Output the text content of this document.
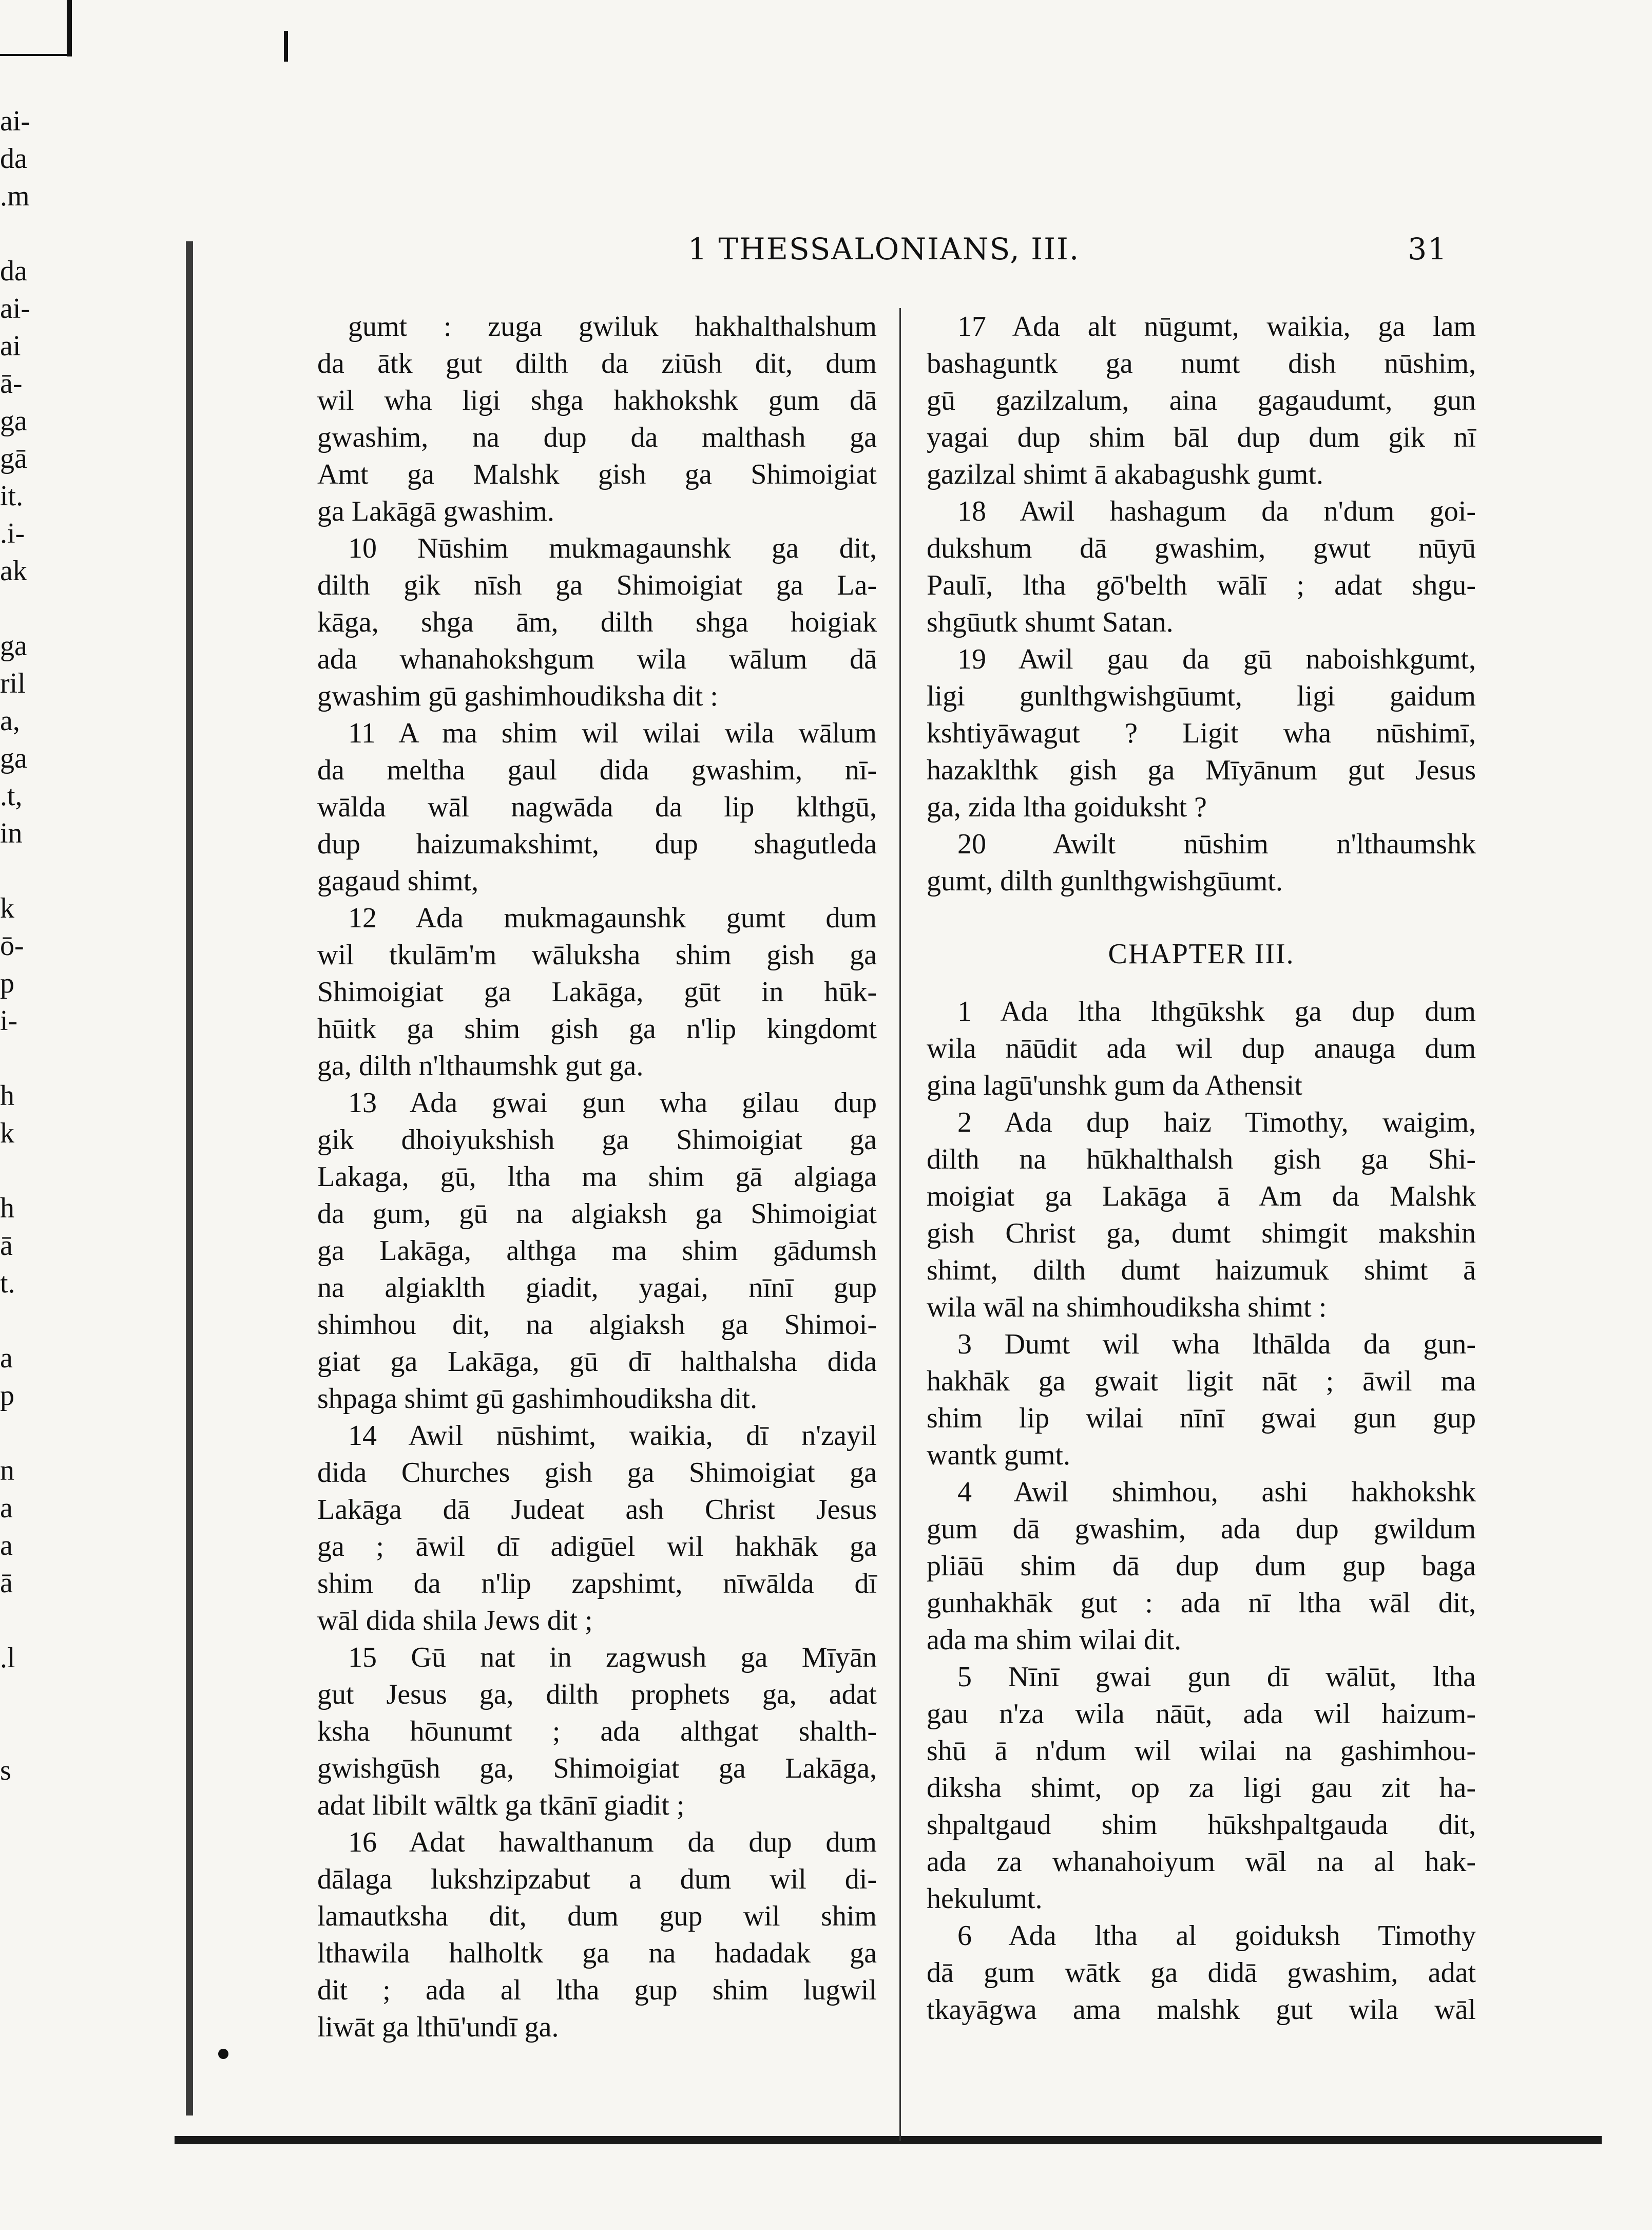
ai-
da
.m
da
ai-
ai
ā-
ga
gā
it.
.i-
ak
ga
ril
a,
ga
.t,
in
k
ō-
p
i-
h
k
h
ā
t.
a
p
n
a
a
ā
.l
s
1 THESSALONIANS, III.	31

gumt : zuga gwiluk hakhalthalshum
da ātk gut dilth da ziūsh dit, dum
wil wha ligi shga hakhokshk gum dā
gwashim, na dup da malthash ga
Amt ga Malshk gish ga Shimoigiat
ga Lakāgā gwashim.

10 Nūshim mukmagaunshk ga dit,
dilth gik nīsh ga Shimoigiat ga La-
kāga, shga ām, dilth shga hoigiak
ada whanahokshgum wila wālum dā
gwashim gū gashimhoudiksha dit :

11 A ma shim wil wilai wila wālum
da meltha gaul dida gwashim, nī-
wālda wāl nagwāda da lip klthgū,
dup haizumakshimt, dup shagutleda
gagaud shimt,

12 Ada mukmagaunshk gumt dum
wil tkulām'm wāluksha shim gish ga
Shimoigiat ga Lakāga, gūt in hūk-
hūitk ga shim gish ga n'lip kingdomt
ga, dilth n'lthaumshk gut ga.

13 Ada gwai gun wha gilau dup
gik dhoiyukshish ga Shimoigiat ga
Lakaga, gū, ltha ma shim gā algiaga
da gum, gū na algiaksh ga Shimoigiat
ga Lakāga, althga ma shim gādumsh
na algiaklth giadit, yagai, nīnī gup
shimhou dit, na algiaksh ga Shimoi-
giat ga Lakāga, gū dī halthalsha dida
shpaga shimt gū gashimhoudiksha dit.

14 Awil nūshimt, waikia, dī n'zayil
dida Churches gish ga Shimoigiat ga
Lakāga dā Judeat ash Christ Jesus
ga ; āwil dī adigūel wil hakhāk ga
shim da n'lip zapshimt, nīwālda dī
wāl dida shila Jews dit ;

15 Gū nat in zagwush ga Mīyān
gut Jesus ga, dilth prophets ga, adat
ksha hōunumt ; ada althgat shalth-
gwishgūsh ga, Shimoigiat ga Lakāga,
adat libilt wāltk ga tkānī giadit ;

16 Adat hawalthanum da dup dum
dālaga lukshzipzabut a dum wil di-
lamautksha dit, dum gup wil shim
lthawila halholtk ga na hadadak ga
dit ; ada al ltha gup shim lugwil
liwāt ga lthū'undī ga.

17 Ada alt nūgumt, waikia, ga lam
bashaguntk ga numt dish nūshim,
gū gazilzalum, aina gagaudumt, gun
yagai dup shim bāl dup dum gik nī
gazilzal shimt ā akabagushk gumt.

18 Awil hashagum da n'dum goi-
dukshum dā gwashim, gwut nūyū
Paulī, ltha gō'belth wālī ; adat shgu-
shgūutk shumt Satan.

19 Awil gau da gū naboishkgumt,
ligi gunlthgwishgūumt, ligi gaidum
kshtiyāwagut ? Ligit wha nūshimī,
hazaklthk gish ga Mīyānum gut Jesus
ga, zida ltha goiduksht ?

20 Awilt nūshim n'lthaumshk
gumt, dilth gunlthgwishgūumt.

CHAPTER III.

1 Ada ltha lthgūkshk ga dup dum
wila nāūdit ada wil dup anauga dum
gina lagū'unshk gum da Athensit

2 Ada dup haiz Timothy, waigim,
dilth na hūkhalthalsh gish ga Shi-
moigiat ga Lakāga ā Am da Malshk
gish Christ ga, dumt shimgit makshin
shimt, dilth dumt haizumuk shimt ā
wila wāl na shimhoudiksha shimt :

3 Dumt wil wha lthālda da gun-
hakhāk ga gwait ligit nāt ; āwil ma
shim lip wilai nīnī gwai gun gup
wantk gumt.

4 Awil shimhou, ashi hakhokshk
gum dā gwashim, ada dup gwildum
pliāū shim dā dup dum gup baga
gunhakhāk gut : ada nī ltha wāl dit,
ada ma shim wilai dit.

5 Nīnī gwai gun dī wālūt, ltha
gau n'za wila nāūt, ada wil haizum-
shū ā n'dum wil wilai na gashimhou-
diksha shimt, op za ligi gau zit ha-
shpaltgaud shim hūkshpaltgauda dit,
ada za whanahoiyum wāl na al hak-
hekulumt.

6 Ada ltha al goiduksh Timothy
dā gum wātk ga didā gwashim, adat
tkayāgwa ama malshk gut wila wāl
